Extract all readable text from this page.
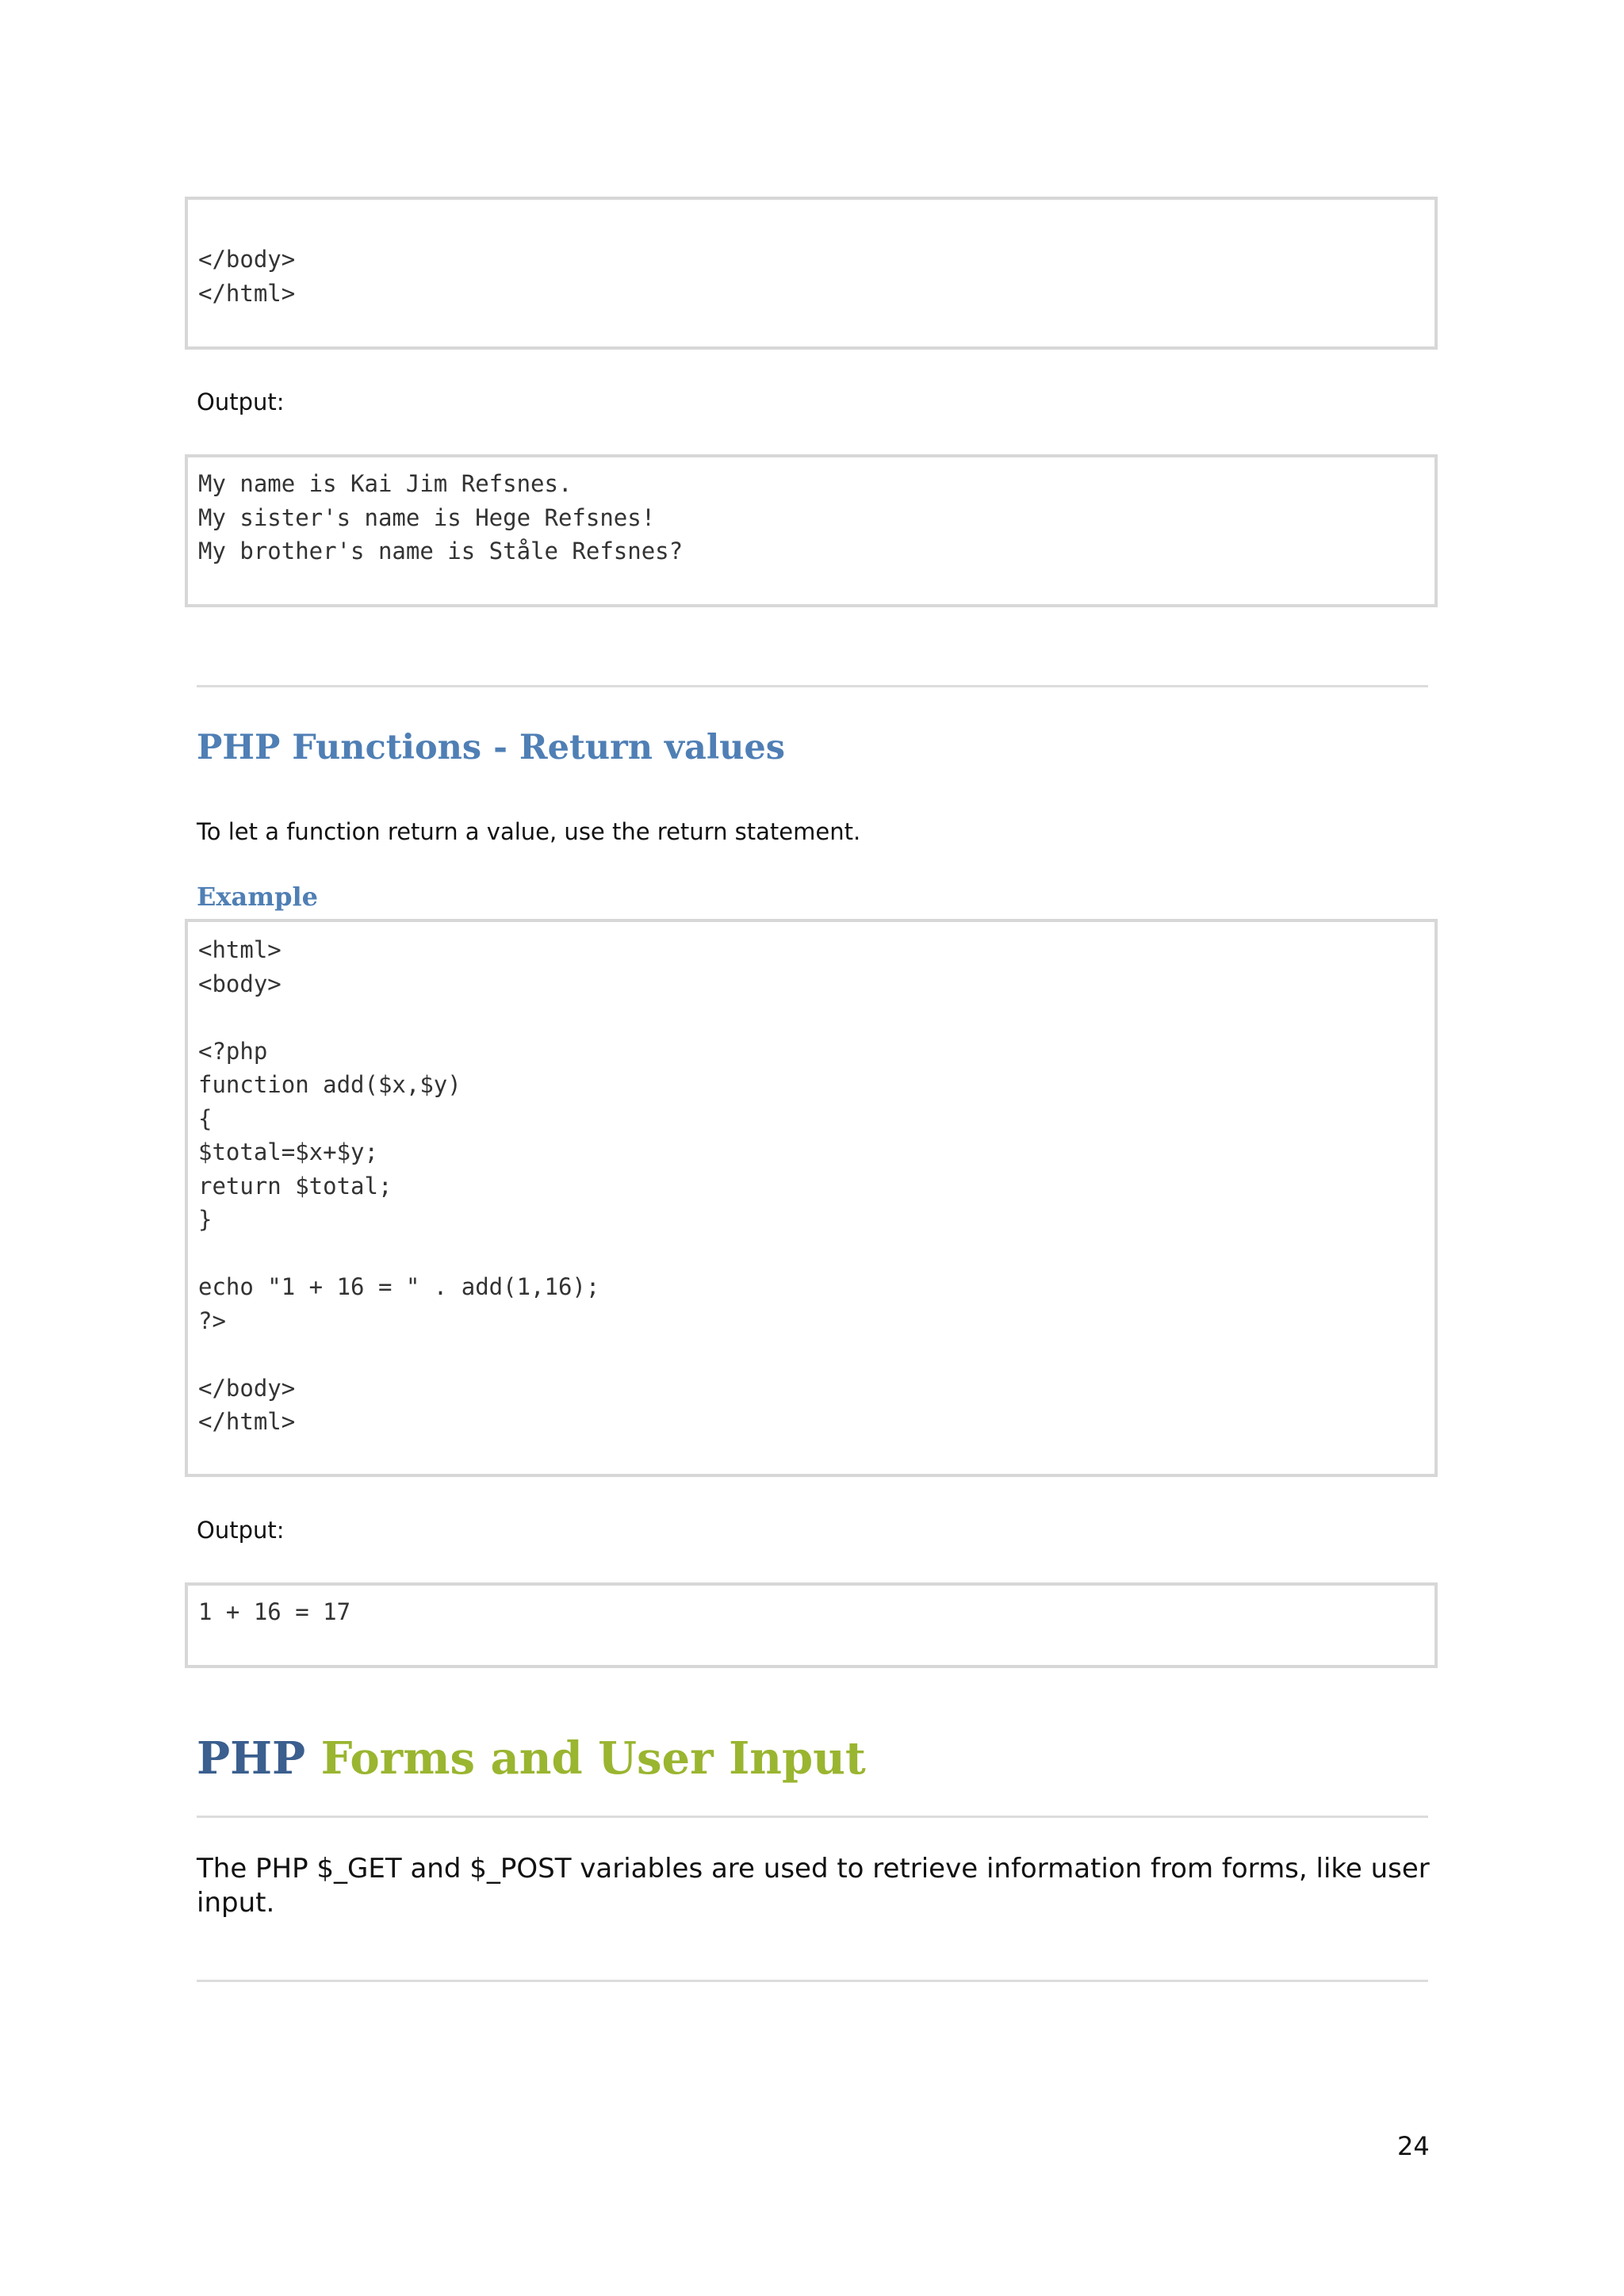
</body>
</html>

Output:

My name is Kai Jim Refsnes.
My sister's name is Hege Refsnes!
My brother's name is Ståle Refsnes?
PHP Functions - Return values

To let a function return a value, use the return statement.

Example
<html>
<body>

<?php
function add($x,$y)
{
$total=$x+$y;
return $total;
}

echo "1 + 16 = " . add(1,16);
?>

</body>
</html>

Output:

1 + 16 = 17
PHP Forms and User Input

The PHP $_GET and $_POST variables are used to retrieve information from forms, like user input.

24
